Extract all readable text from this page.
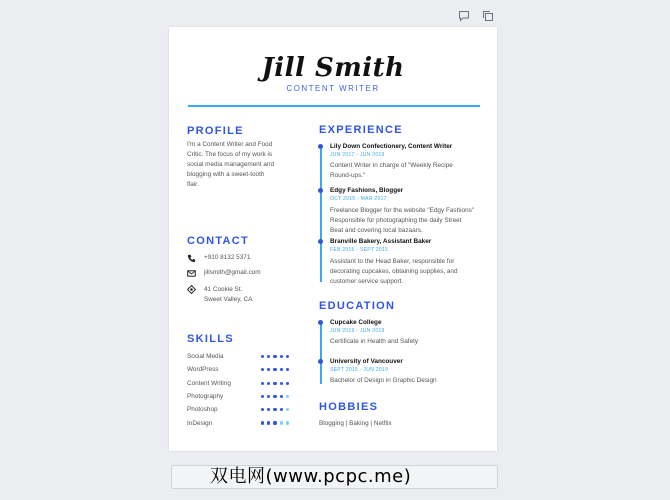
Jill Smith
CONTENT WRITER
PROFILE
I'm a Content Writer and Food
Critic. The focus of my work is
social media management and
blogging with a sweet-tooth
flair.
CONTACT
+910 8132 5371
jillsmith@gmail.com
41 Cookie St.
Sweet Valley, CA
SKILLS
Social Media
WordPress
Content Writing
Photography
Photoshop
InDesign
EXPERIENCE
Lily Down Confectionery, Content Writer
JUN 2017 - JUN 2019
Content Writer in charge of "Weekly Recipe
Round-ups."
Edgy Fashions, Blogger
OCT 2015 - MAR 2017
Freelance Blogger for the website "Edgy Fashions"
Responsible for photographing the daily Street
Beat and covering local bazaars.
Branville Bakery, Assistant Baker
FEB 2015 - SEPT 2015
Assistant to the Head Baker, responsible for
decorating cupcakes, obtaining supplies, and
customer service support.
EDUCATION
Cupcake College
JUN 2019 - JUN 2019
Certificate in Health and Safety
University of Vancouver
SEPT 2015 - JUN 2019
Bachelor of Design in Graphic Design
HOBBIES
Blogging | Baking | Netflix
双电网(www.pcpc.me)
